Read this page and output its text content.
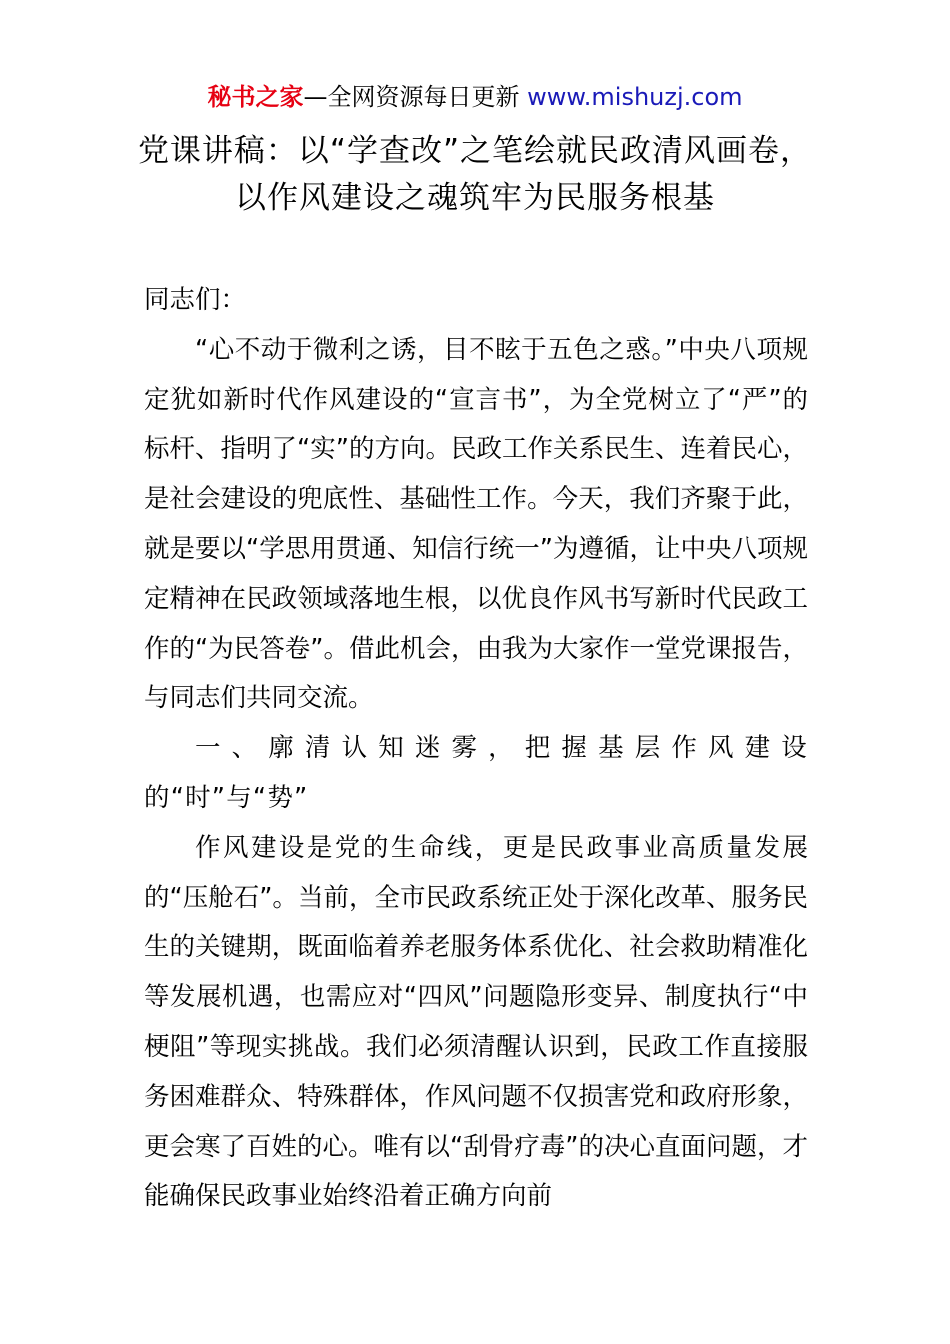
秘书之家—全网资源每日更新 www.mishuzj.com
党课讲稿：以“学查改”之笔绘就民政清风画卷，以作风建设之魂筑牢为民服务根基

同志们：

“心不动于微利之诱，目不眩于五色之惑。”中央八项规定犹如新时代作风建设的“宣言书”，为全党树立了“严”的标杆、指明了“实”的方向。民政工作关系民生、连着民心，是社会建设的兜底性、基础性工作。今天，我们齐聚于此，就是要以“学思用贯通、知信行统一”为遵循，让中央八项规定精神在民政领域落地生根，以优良作风书写新时代民政工作的“为民答卷”。借此机会，由我为大家作一堂党课报告，与同志们共同交流。

一、廓清认知迷雾，把握基层作风建设的“时”与“势”

作风建设是党的生命线，更是民政事业高质量发展的“压舱石”。当前，全市民政系统正处于深化改革、服务民生的关键期，既面临着养老服务体系优化、社会救助精准化等发展机遇，也需应对“四风”问题隐形变异、制度执行“中梗阻”等现实挑战。我们必须清醒认识到，民政工作直接服务困难群众、特殊群体，作风问题不仅损害党和政府形象，更会寒了百姓的心。唯有以“刮骨疗毒”的决心直面问题，才能确保民政事业始终沿着正确方向前
